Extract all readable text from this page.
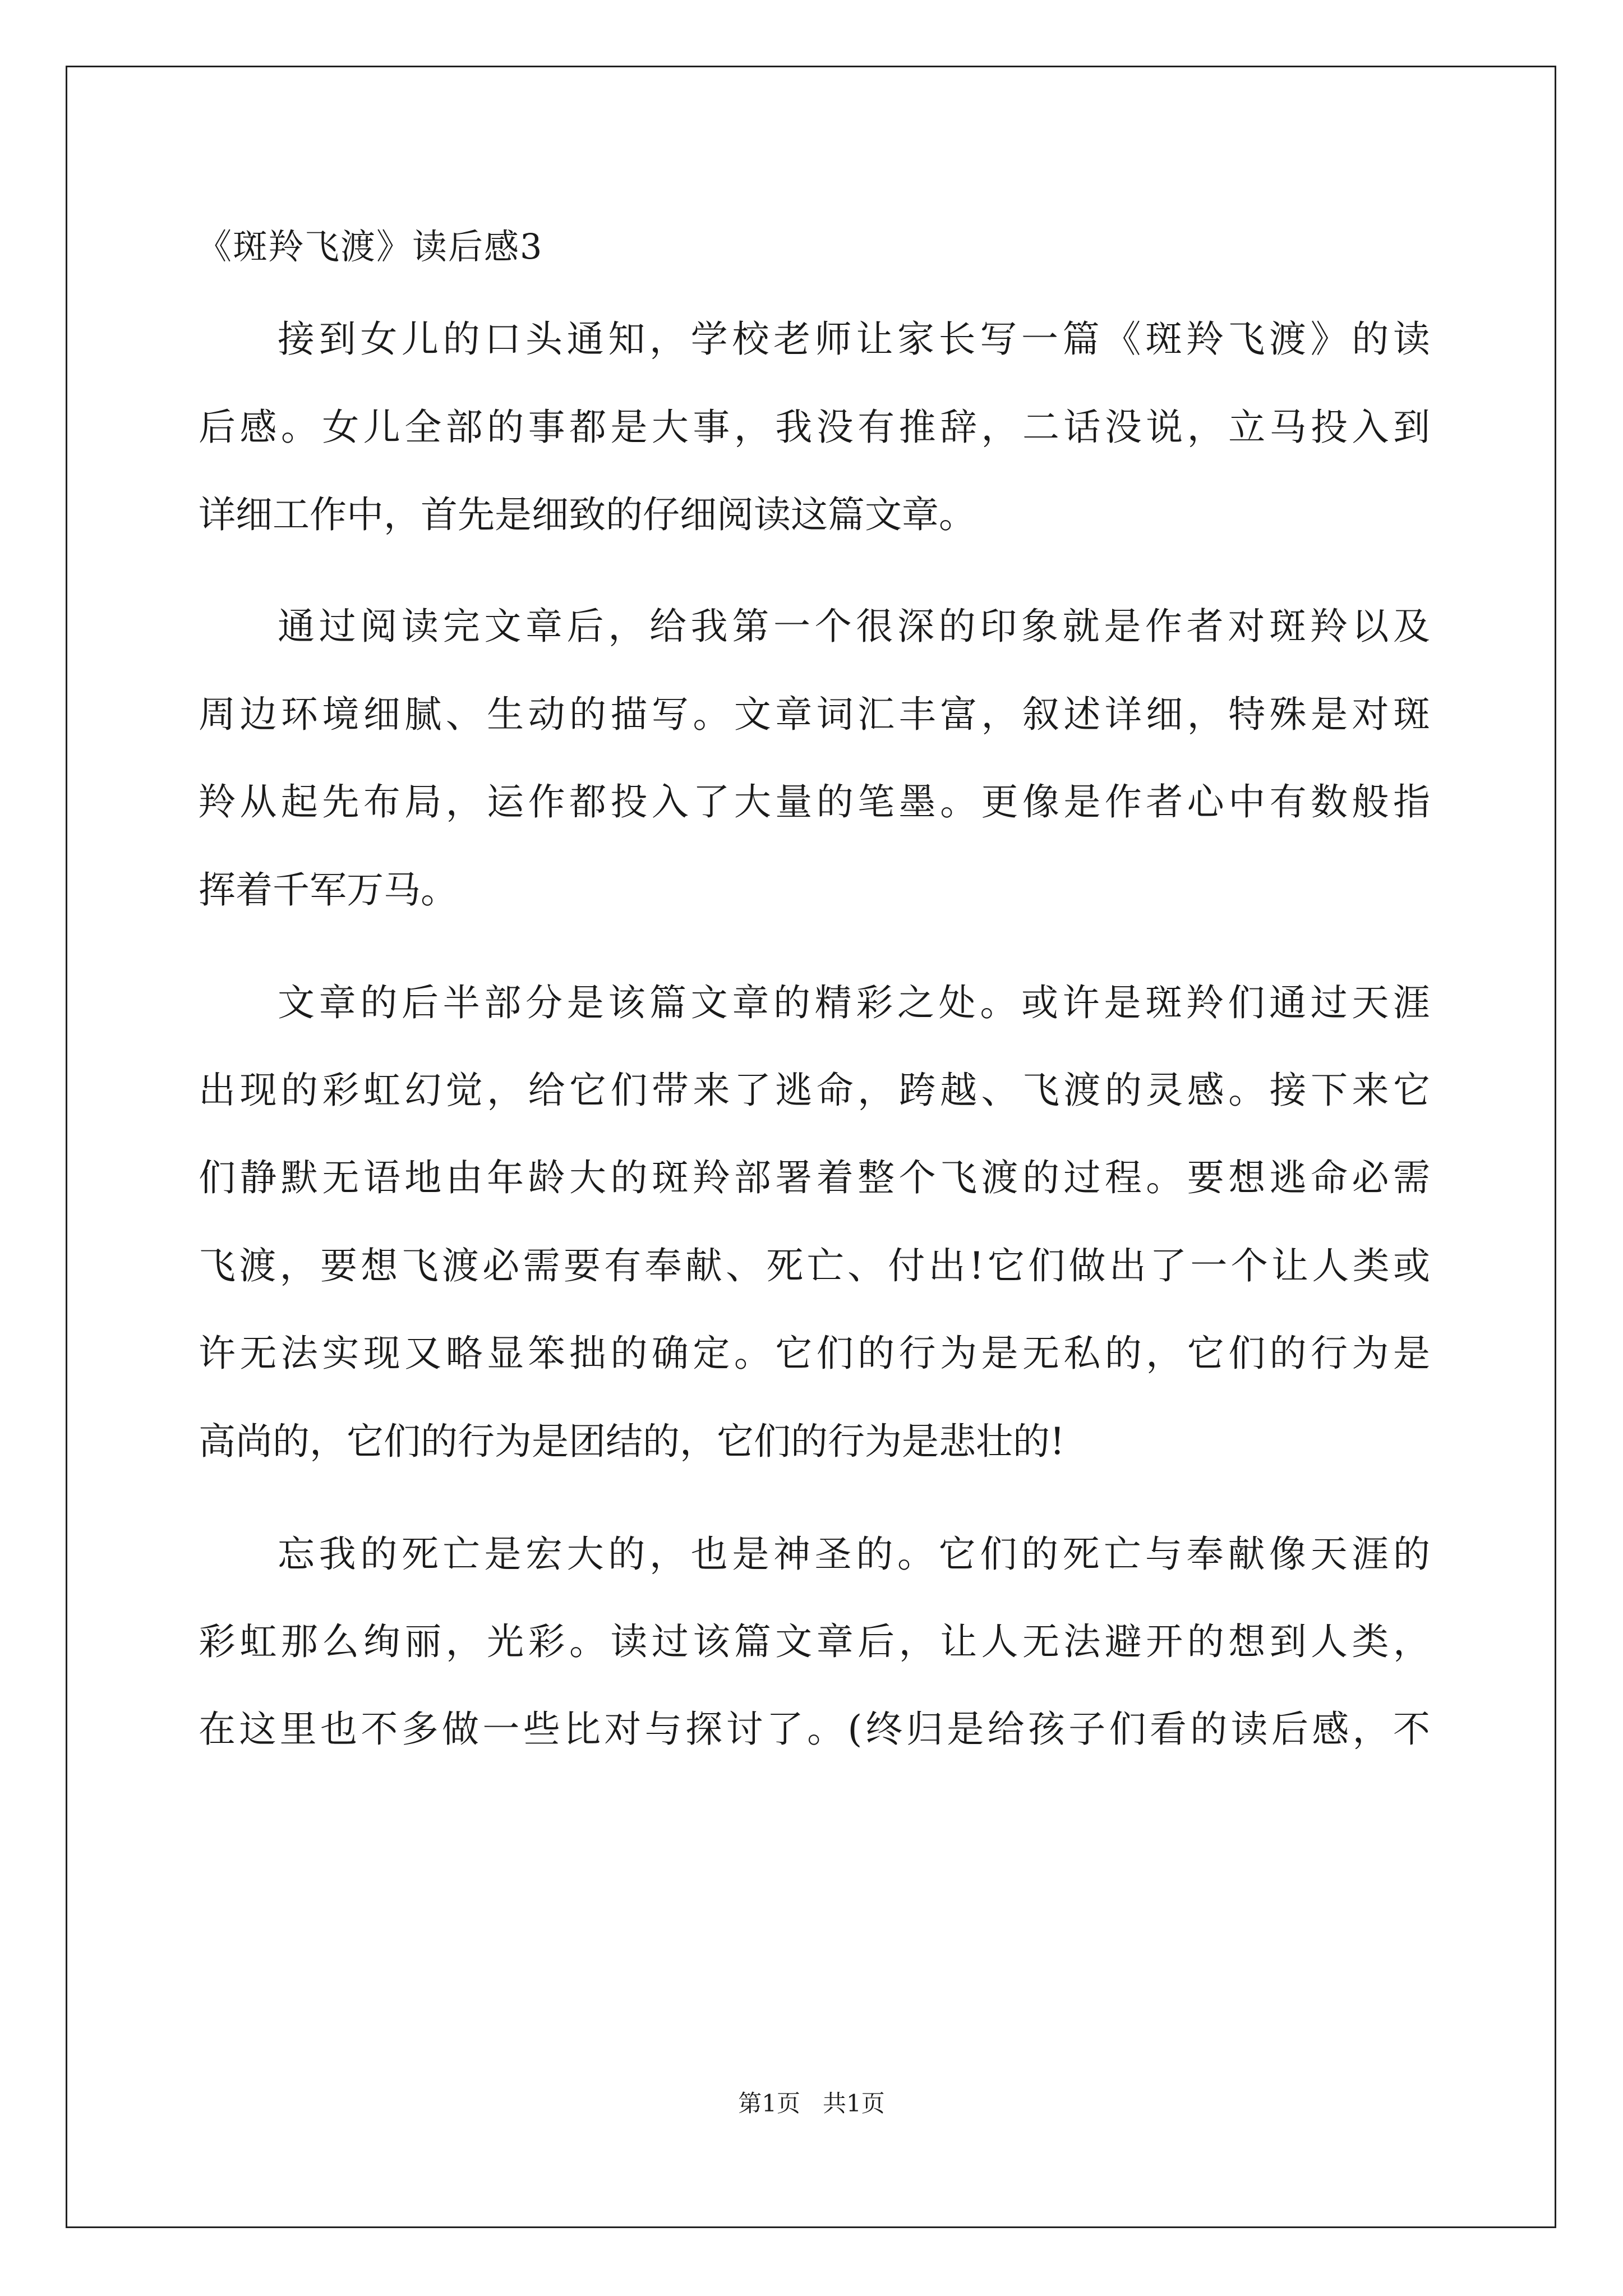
《斑羚飞渡》读后感3
接到女儿的口头通知，学校老师让家长写一篇《斑羚飞渡》的读
后感。女儿全部的事都是大事，我没有推辞，二话没说，立马投入到
详细工作中，首先是细致的仔细阅读这篇文章。
通过阅读完文章后，给我第一个很深的印象就是作者对斑羚以及
周边环境细腻、生动的描写。文章词汇丰富，叙述详细，特殊是对斑
羚从起先布局，运作都投入了大量的笔墨。更像是作者心中有数般指
挥着千军万马。
文章的后半部分是该篇文章的精彩之处。或许是斑羚们通过天涯
出现的彩虹幻觉，给它们带来了逃命，跨越、飞渡的灵感。接下来它
们静默无语地由年龄大的斑羚部署着整个飞渡的过程。要想逃命必需
飞渡，要想飞渡必需要有奉献、死亡、付出!它们做出了一个让人类或
许无法实现又略显笨拙的确定。它们的行为是无私的，它们的行为是
高尚的，它们的行为是团结的，它们的行为是悲壮的!
忘我的死亡是宏大的，也是神圣的。它们的死亡与奉献像天涯的
彩虹那么绚丽，光彩。读过该篇文章后，让人无法避开的想到人类，
在这里也不多做一些比对与探讨了。(终归是给孩子们看的读后感，不
第1页   共1页
